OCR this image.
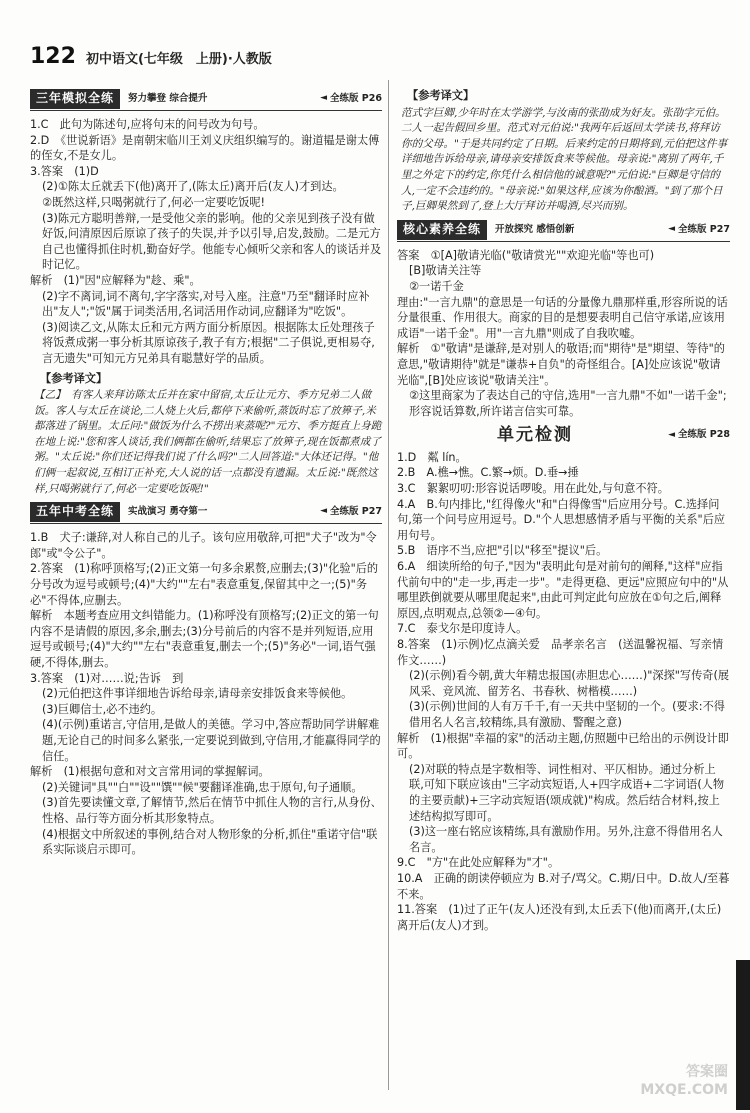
122 初中语文(七年级　上册)·人教版
三年模拟全练	努力攀登 综合提升	◄ 全练版 P26
1.C　此句为陈述句,应将句末的问号改为句号。
2.D　《世说新语》是南朝宋临川王刘义庆组织编写的。谢道韫是谢太傅的侄女,不是女儿。
3.答案　(1)D
(2)①陈太丘就丢下(他)离开了,(陈太丘)离开后(友人)才到达。
②既然这样,只喝粥就行了,何必一定要吃饭呢!
(3)陈元方聪明善辩,一是受他父亲的影响。他的父亲见到孩子没有做好饭,问清原因后原谅了孩子的失误,并予以引导,启发,鼓励。二是元方自己也懂得抓住时机,勤奋好学。他能专心倾听父亲和客人的谈话并及时记忆。
解析　(1)"因"应解释为"趁、乘"。
(2)字不离词,词不离句,字字落实,对号入座。注意"乃至"翻译时应补出"友人";"饭"属于词类活用,名词活用作动词,应翻译为"吃饭"。
(3)阅读乙文,从陈太丘和元方两方面分析原因。根据陈太丘处理孩子将饭煮成粥一事分析其原谅孩子,教子有方;根据"二子俱说,更相易夺,言无遗失"可知元方兄弟具有聪慧好学的品质。
【参考译文】
【乙】　有客人来拜访陈太丘并在家中留宿,太丘让元方、季方兄弟二人做饭。客人与太丘在谈论,二人烧上火后,都停下来偷听,蒸饭时忘了放箅子,米都落进了锅里。太丘问:"做饭为什么不捞出来蒸呢?"元方、季方挺直上身跪在地上说:"您和客人谈话,我们俩都在偷听,结果忘了放箅子,现在饭都煮成了粥。"太丘说:"你们还记得我们说了什么吗?"二人回答道:"大体还记得。"他们俩一起叙说,互相订正补充,大人说的话一点都没有遗漏。太丘说:"既然这样,只喝粥就行了,何必一定要吃饭呢!"
五年中考全练	实战演习 勇夺第一	◄ 全练版 P27
1.B　犬子:谦辞,对人称自己的儿子。该句应用敬辞,可把"犬子"改为"令郎"或"令公子"。
2.答案　(1)称呼顶格写;(2)正文第一句多余累赘,应删去;(3)"化验"后的分号改为逗号或顿号;(4)"大约""左右"表意重复,保留其中之一;(5)"务必"不得体,应删去。
解析　本题考查应用文纠错能力。(1)称呼没有顶格写;(2)正文的第一句内容不是请假的原因,多余,删去;(3)分号前后的内容不是并列短语,应用逗号或顿号;(4)"大约""左右"表意重复,删去一个;(5)"务必"一词,语气强硬,不得体,删去。
3.答案　(1)对……说;告诉　到
(2)元伯把这件事详细地告诉给母亲,请母亲安排饭食来等候他。
(3)巨卿信士,必不违约。
(4)(示例)重诺言,守信用,是做人的美德。学习中,答应帮助同学讲解难题,无论自己的时间多么紧张,一定要说到做到,守信用,才能赢得同学的信任。
解析　(1)根据句意和对文言常用词的掌握解词。
(2)关键词"具""白""设""馔""候"要翻译准确,忠于原句,句子通顺。
(3)首先要读懂文章,了解情节,然后在情节中抓住人物的言行,从身份、性格、品行等方面分析其形象特点。
(4)根据文中所叙述的事例,结合对人物形象的分析,抓住"重诺守信"联系实际谈启示即可。
【参考译文】
范式字巨卿,少年时在太学游学,与汝南的张劭成为好友。张劭字元伯。二人一起告假回乡里。范式对元伯说:"我两年后返回太学读书,将拜访你的父母。"于是共同约定了日期。后来约定的日期将到,元伯把这件事详细地告诉给母亲,请母亲安排饭食来等候他。母亲说:"离别了两年,千里之外定下的约定,你凭什么相信他的诚意呢?"元伯说:"巨卿是守信的人,一定不会违约的。"母亲说:"如果这样,应该为你酿酒。"到了那个日子,巨卿果然到了,登上大厅拜访并喝酒,尽兴而别。
核心素养全练	开放探究 感悟创新	◄ 全练版 P27
答案　①[A]敬请光临("敬请赏光""欢迎光临"等也可)
[B]敬请关注等
②一诺千金
理由:"一言九鼎"的意思是一句话的分量像九鼎那样重,形容所说的话分量很重、作用很大。商家的目的是想要表明自己信守承诺,应该用成语"一诺千金"。用"一言九鼎"则成了自我吹嘘。
解析　①"敬请"是谦辞,是对别人的敬语;而"期待"是"期望、等待"的意思,"敬请期待"就是"谦恭+自负"的奇怪组合。[A]处应该说"敬请光临",[B]处应该说"敬请关注"。
②这里商家为了表达自己的守信,选用"一言九鼎"不如"一诺千金";形容说话算数,所许诺言信实可靠。
单元检测	◄ 全练版 P28
1.D　粼 lín。
2.B　A.樵→憔。C.繁→烦。D.垂→捶
3.C　絮絮叨叨:形容说话啰唆。用在此处,与句意不符。
4.A　B.句内排比,"红得像火"和"白得像雪"后应用分号。C.选择问句,第一个问号应用逗号。D."个人思想感情矛盾与平衡的关系"后应用句号。
5.B　语序不当,应把"引以"移至"提议"后。
6.A　细读所给的句子,"因为"表明此句是对前句的阐释,"这样"应指代前句中的"走一步,再走一步"。"走得更稳、更远"应照应句中的"从哪里跌倒就要从哪里爬起来",由此可判定此句应放在①句之后,阐释原因,点明观点,总领②—④句。
7.C　泰戈尔是印度诗人。
8.答案　(1)示例)忆点滴关爱　品孝亲名言　(送温馨祝福、写亲情作文……)
(2)(示例)看今朝,黄大年精忠报国(赤胆忠心……)"深探"写传奇(展风采、竞风流、留芳名、书春秋、树楷模……)
(3)(示例)世间的人有万千千,有一天共中坚韧的一个。(要求:不得借用名人名言,较精练,具有激励、警醒之意)
解析　(1)根据"幸福的家"的活动主题,仿照题中已给出的示例设计即可。
(2)对联的特点是字数相等、词性相对、平仄相协。通过分析上联,可知下联应该由"三字动宾短语,人+四字成语+二字词语(人物的主要贡献)+三字动宾短语(颂成就)"构成。然后结合材料,按上述结构拟写即可。
(3)这一座右铭应该精练,具有激励作用。另外,注意不得借用名人名言。
9.C　"方"在此处应解释为"才"。
10.A　正确的朗读停顿应为 B.对子/骂父。C.期/日中。D.故人/至暮不来。
11.答案　(1)过了正午(友人)还没有到,太丘丢下(他)而离开,(太丘)离开后(友人)才到。
答案圈
MXQE.COM
